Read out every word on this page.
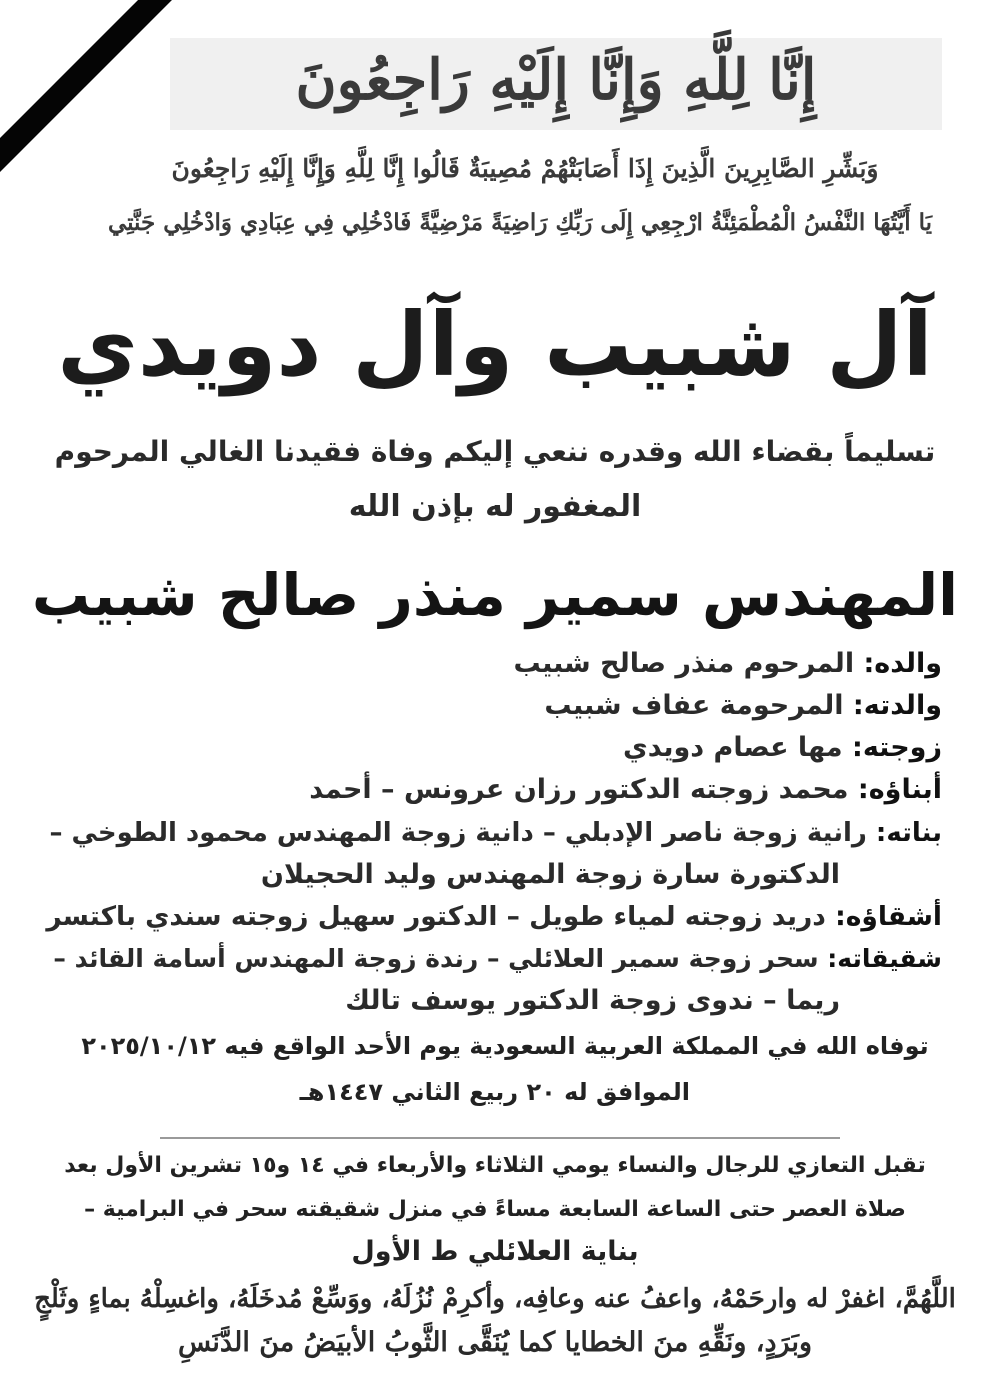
إِنَّا لِلَّهِ وَإِنَّا إِلَيْهِ رَاجِعُونَ
وَبَشِّرِ الصَّابِرِينَ الَّذِينَ إِذَا أَصَابَتْهُمْ مُصِيبَةٌ قَالُوا إِنَّا لِلَّهِ وَإِنَّا إِلَيْهِ رَاجِعُونَ
يَا أَيَّتُهَا النَّفْسُ الْمُطْمَئِنَّةُ ارْجِعِي إِلَى رَبِّكِ رَاضِيَةً مَرْضِيَّةً فَادْخُلِي فِي عِبَادِي وَادْخُلِي جَنَّتِي
آل شبيب وآل دويدي
تسليماً بقضاء الله وقدره ننعي إليكم وفاة فقيدنا الغالي المرحوم
المغفور له بإذن الله
المهندس سمير منذر صالح شبيب
والده: المرحوم منذر صالح شبيب
والدته: المرحومة عفاف شبيب
زوجته: مها عصام دويدي
أبناؤه: محمد زوجته الدكتور رزان عرونس – أحمد
بناته: رانية زوجة ناصر الإدبلي – دانية زوجة المهندس محمود الطوخي –
الدكتورة سارة زوجة المهندس وليد الحجيلان
أشقاؤه: دريد زوجته لمياء طويل – الدكتور سهيل زوجته سندي باكتسر
شقيقاته: سحر زوجة سمير العلائلي – رندة زوجة المهندس أسامة القائد –
ريما – ندوى زوجة الدكتور يوسف تالك
توفاه الله في المملكة العربية السعودية يوم الأحد الواقع فيه ٢٠٢٥/١٠/١٢
الموافق له ٢٠ ربيع الثاني ١٤٤٧هـ
تقبل التعازي للرجال والنساء يومي الثلاثاء والأربعاء في ١٤ و١٥ تشرين الأول بعد
صلاة العصر حتى الساعة السابعة مساءً في منزل شقيقته سحر في البرامية –
بناية العلائلي ط الأول
اللَّهُمَّ، اغفرْ له وارحَمْهُ، واعفُ عنه وعافِه، وأكرِمْ نُزُلَهُ، ووَسِّعْ مُدخَلَهُ، واغسِلْهُ بماءٍ وثَلْجٍ
وبَرَدٍ، ونَقِّهِ منَ الخطايا كما يُنَقَّى الثَّوبُ الأبيَضُ منَ الدَّنَسِ
